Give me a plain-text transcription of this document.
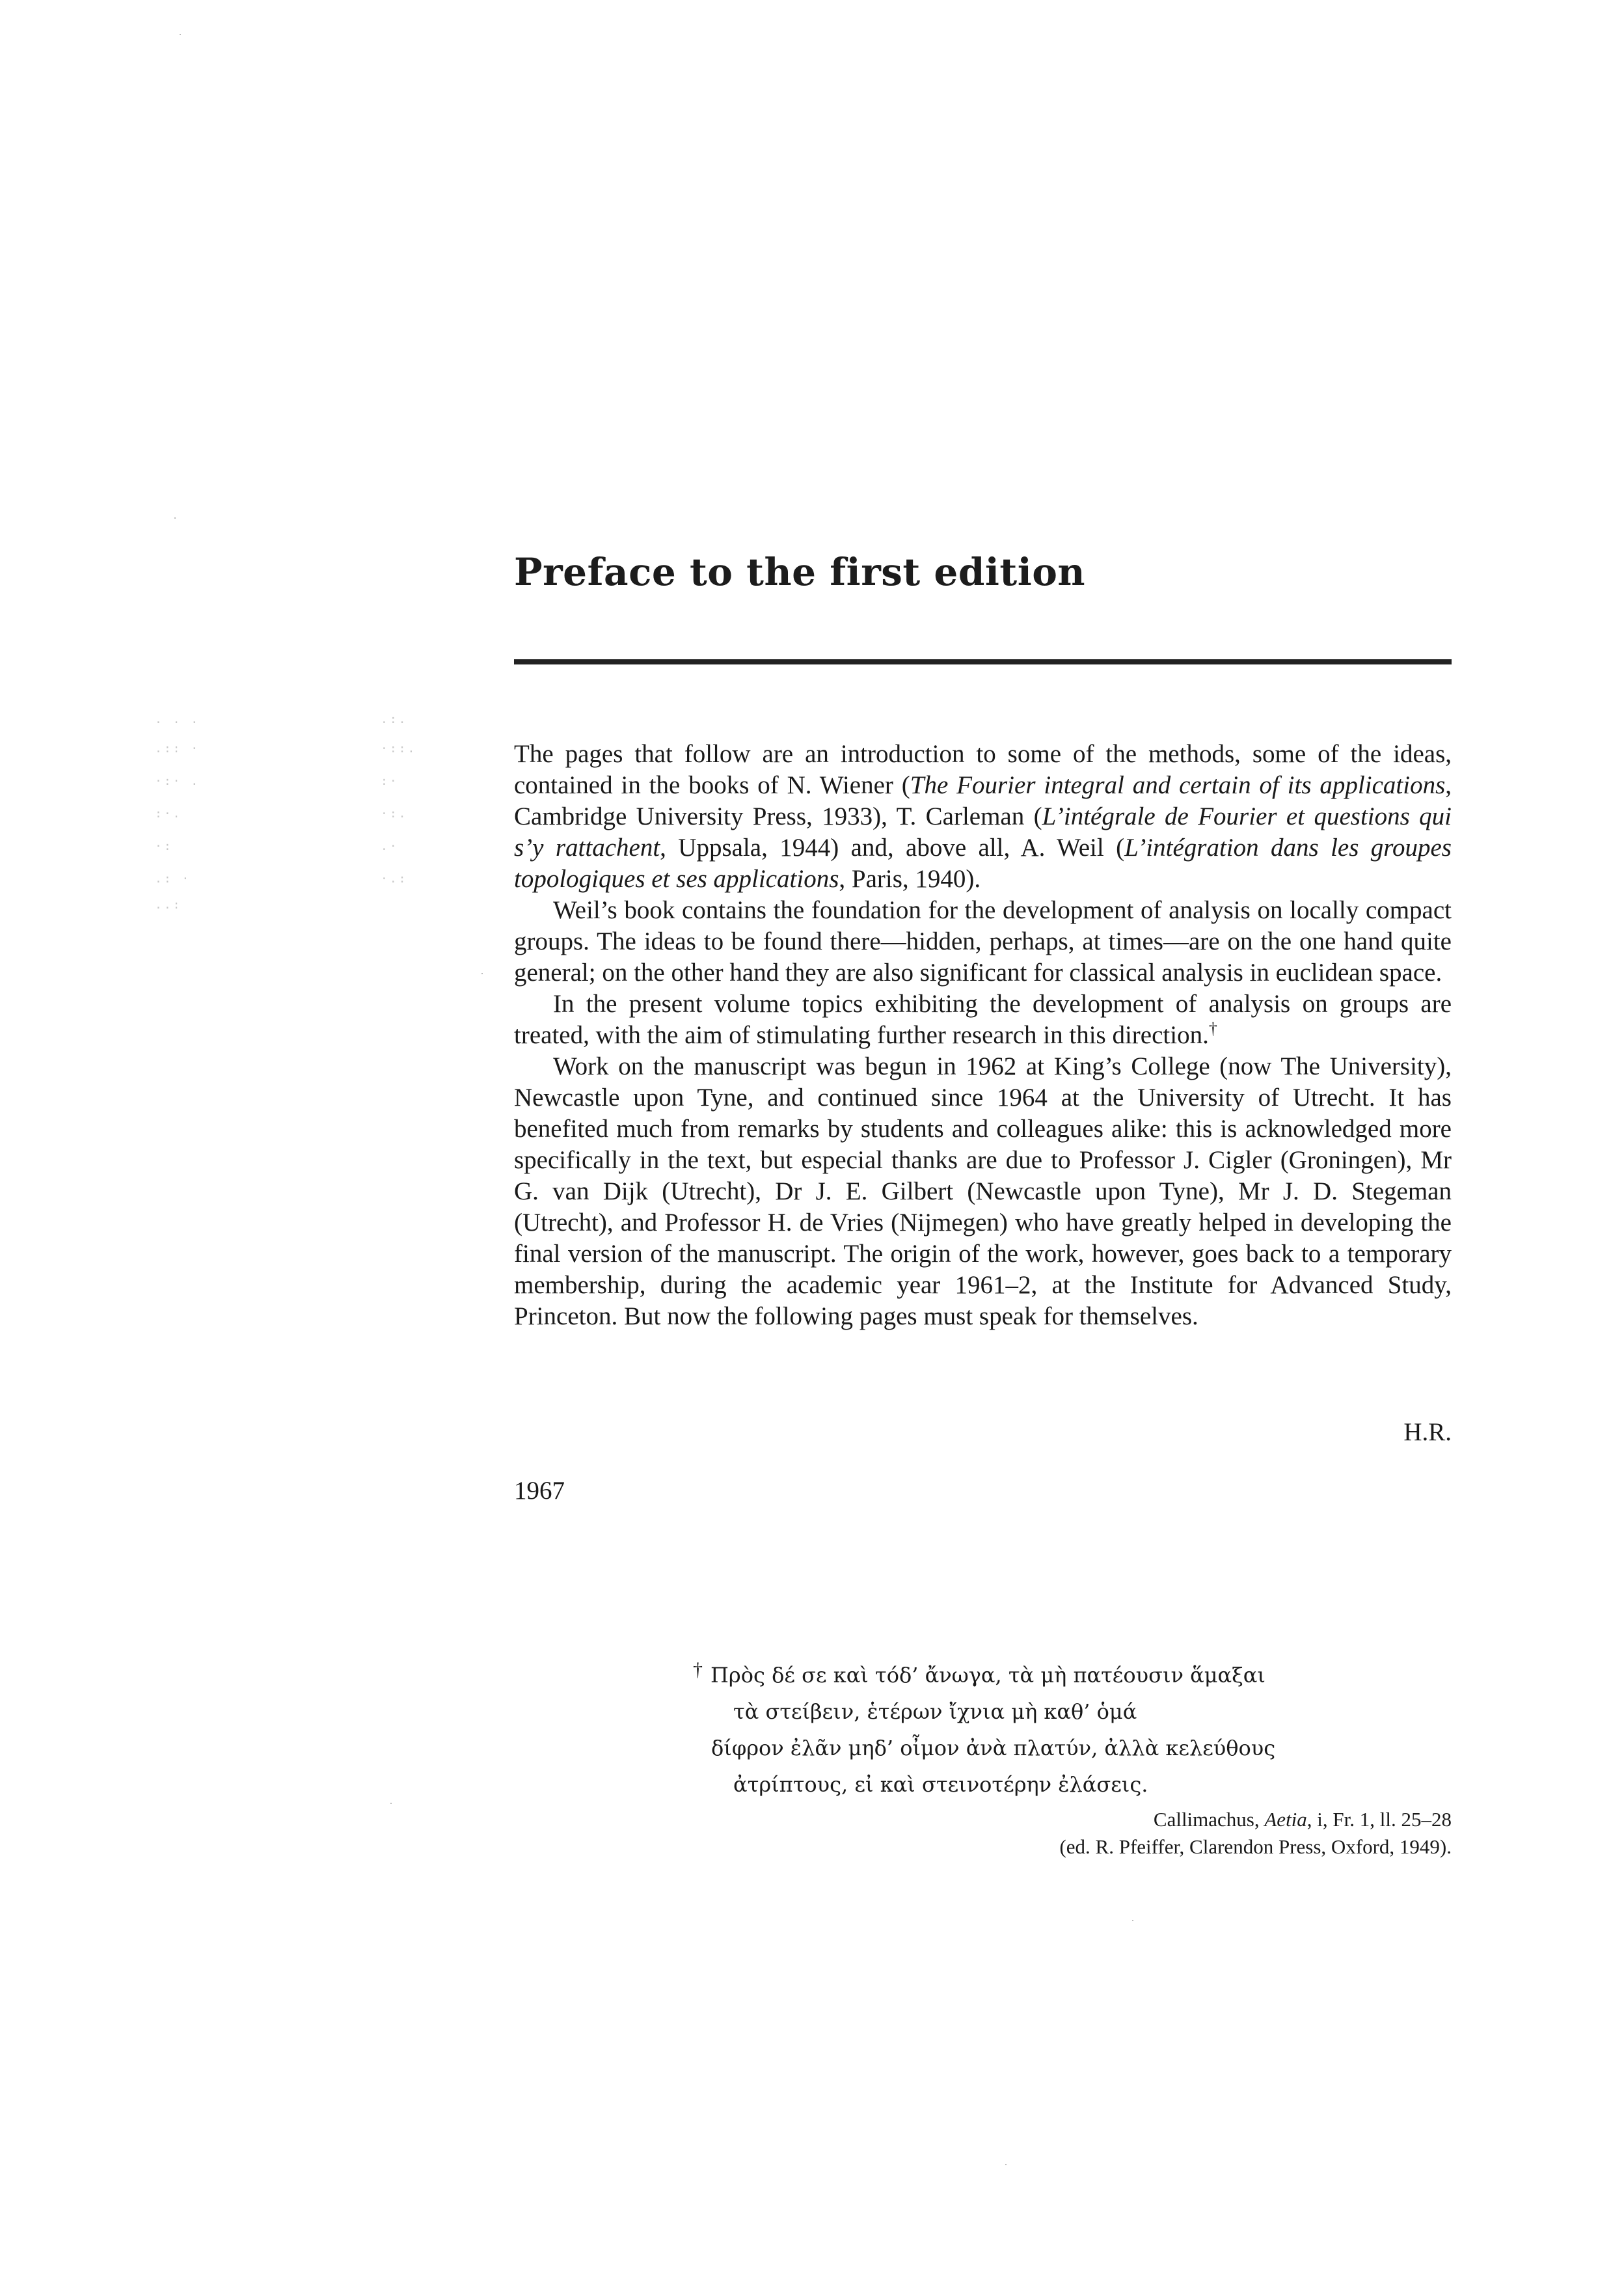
. . .
.:: ·
·:· .
:·.
·:
.: ·
..:
.:.
·::.
:·
·:.
.·
·.:
Preface to the first edition

The pages that follow are an introduction to some of the methods, some of the ideas, contained in the books of N. Wiener (The Fourier integral and certain of its applications, Cambridge University Press, 1933), T. Carleman (L’intégrale de Fourier et questions qui s’y rattachent, Uppsala, 1944) and, above all, A. Weil (L’intégration dans les groupes topologiques et ses applications, Paris, 1940).

Weil’s book contains the foundation for the development of analysis on locally compact groups. The ideas to be found there—hidden, perhaps, at times—are on the one hand quite general; on the other hand they are also significant for classical analysis in euclidean space.

In the present volume topics exhibiting the development of analysis on groups are treated, with the aim of stimulating further research in this direction.†

Work on the manuscript was begun in 1962 at King’s College (now The University), Newcastle upon Tyne, and continued since 1964 at the University of Utrecht. It has benefited much from remarks by students and colleagues alike: this is acknowledged more specifically in the text, but especial thanks are due to Professor J. Cigler (Groningen), Mr G. van Dijk (Utrecht), Dr J. E. Gilbert (Newcastle upon Tyne), Mr J. D. Stegeman (Utrecht), and Professor H. de Vries (Nijmegen) who have greatly helped in developing the final version of the manuscript. The origin of the work, however, goes back to a temporary membership, during the academic year 1961–2, at the Institute for Advanced Study, Princeton. But now the following pages must speak for themselves.

H.R.
1967
† Πρὸς δέ σε καὶ τόδ’ ἄνωγα, τὰ μὴ πατέουσιν ἅμαξαι
τὰ στείβειν, ἑτέρων ἴχνια μὴ καθ’ ὁμά
δίφρον ἐλᾶν μηδ’ οἶμον ἀνὰ πλατύν, ἀλλὰ κελεύθους
ἀτρίπτους, εἰ καὶ στεινοτέρην ἐλάσεις.
Callimachus, Aetia, i, Fr. 1, ll. 25–28
(ed. R. Pfeiffer, Clarendon Press, Oxford, 1949).
